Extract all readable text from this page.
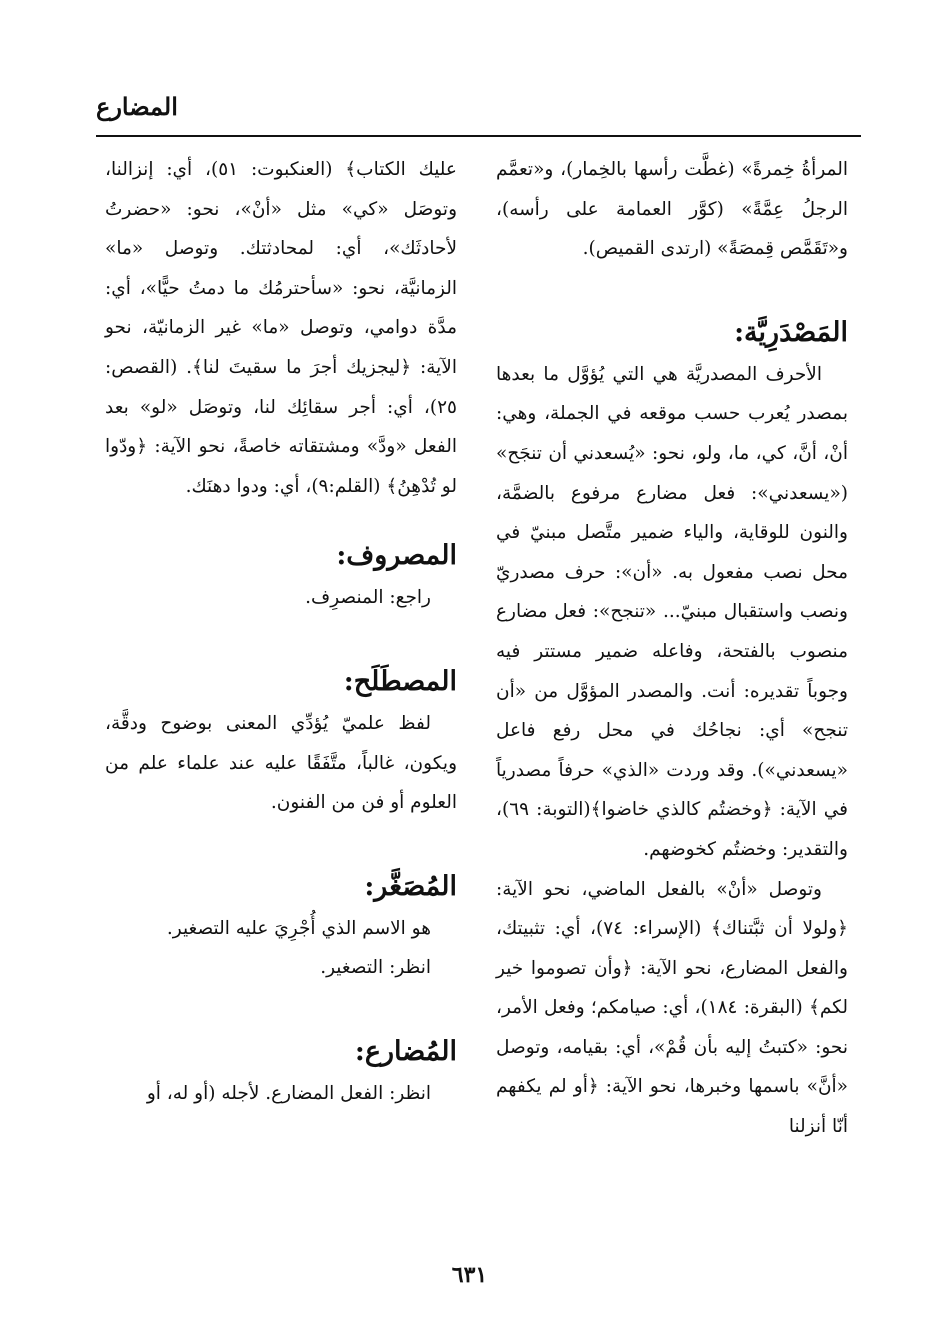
المضارع

المرأةُ خِمرةً» (غطَّت رأسها بالخِمار)، و«تعمَّم الرجلُ عِمَّةً» (كوَّر العمامة على رأسه)، و«تَقَمَّص قِمصَةً» (ارتدى القميص).

المَصْدَرِيَّة:

الأحرف المصدريَّة هي التي يُؤوَّل ما بعدها بمصدر يُعرب حسب موقعه في الجملة، وهي: أنْ، أنَّ، كي، ما، ولو، نحو: «يُسعدني أن تنجَح» («يسعدني»: فعل مضارع مرفوع بالضمَّة، والنون للوقاية، والياء ضمير متَّصل مبنيّ في محل نصب مفعول به. «أن»: حرف مصدريّ ونصب واستقبال مبنيّ... «تنجح»: فعل مضارع منصوب بالفتحة، وفاعله ضمير مستتر فيه وجوباً تقديره: أنت. والمصدر المؤوَّل من «أن تنجح» أي: نجاحُك في محل رفع فاعل «يسعدني»). وقد وردت «الذي» حرفاً مصدرياً في الآية: ﴿وخضتُم كالذي خاضوا﴾(التوبة: ٦٩)، والتقدير: وخضتُم كخوضهم.

وتوصل «أنْ» بالفعل الماضي، نحو الآية: ﴿ولولا أن ثبَّتناك﴾ (الإسراء: ٧٤)، أي: تثبيتك، والفعل المضارع، نحو الآية: ﴿وأن تصوموا خير لكم﴾ (البقرة: ١٨٤)، أي: صيامكم؛ وفعل الأمر، نحو: «كتبتُ إليه بأن قُمْ»، أي: بقيامه، وتوصل «أنَّ» باسمها وخبرها، نحو الآية: ﴿أو لم يكفهم أنّا أنزلنا

عليك الكتاب﴾ (العنكبوت: ٥١)، أي: إنزالنا، وتوصَل «كي» مثل «أنْ»، نحو: «حضرتُ لأحادثَك»، أي: لمحادثتك. وتوصل «ما» الزمانيَّة، نحو: «سأحترمُك ما دمتُ حيًّا»، أي: مدَّة دوامي، وتوصل «ما» غير الزمانيّة، نحو الآية: ﴿ليجزيك أجرَ ما سقيتَ لنا﴾. (القصص: ٢٥)، أي: أجر سقائِك لنا، وتوصَل «لو» بعد الفعل «ودَّ» ومشتقاته خاصةً، نحو الآية: ﴿ودّوا لو تُدْهِنُ﴾ (القلم:٩)، أي: ودوا دهنَك.

المصروف:

راجع: المنصرِف.

المصطَلَح:

لفظ علميّ يُؤدِّي المعنى بوضوح ودقَّة، ويكون، غالباً، متَّفَقًا عليه عند علماء علم من العلوم أو فن من الفنون.

المُصَغَّر:

هو الاسم الذي أُجْرِيَ عليه التصغير.

انظر: التصغير.

المُضارع:

انظر: الفعل المضارع. لأجله (أو له، أو

٦٣١
